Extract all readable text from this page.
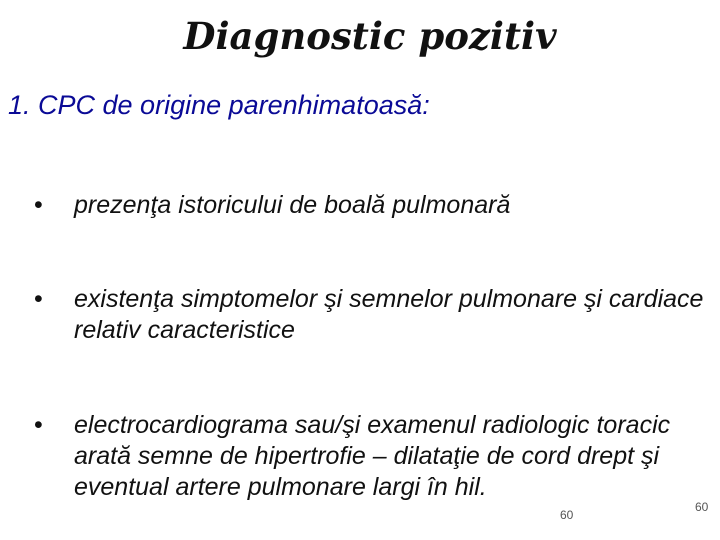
Diagnostic pozitiv
1. CPC de origine parenhimatoasă:
• prezenţa istoricului de boală pulmonară
• existenţa simptomelor şi semnelor pulmonare şi cardiace relativ caracteristice
• electrocardiograma sau/şi examenul radiologic toracic arată semne de hipertrofie – dilataţie de cord drept şi eventual artere pulmonare largi în hil.
60
60
